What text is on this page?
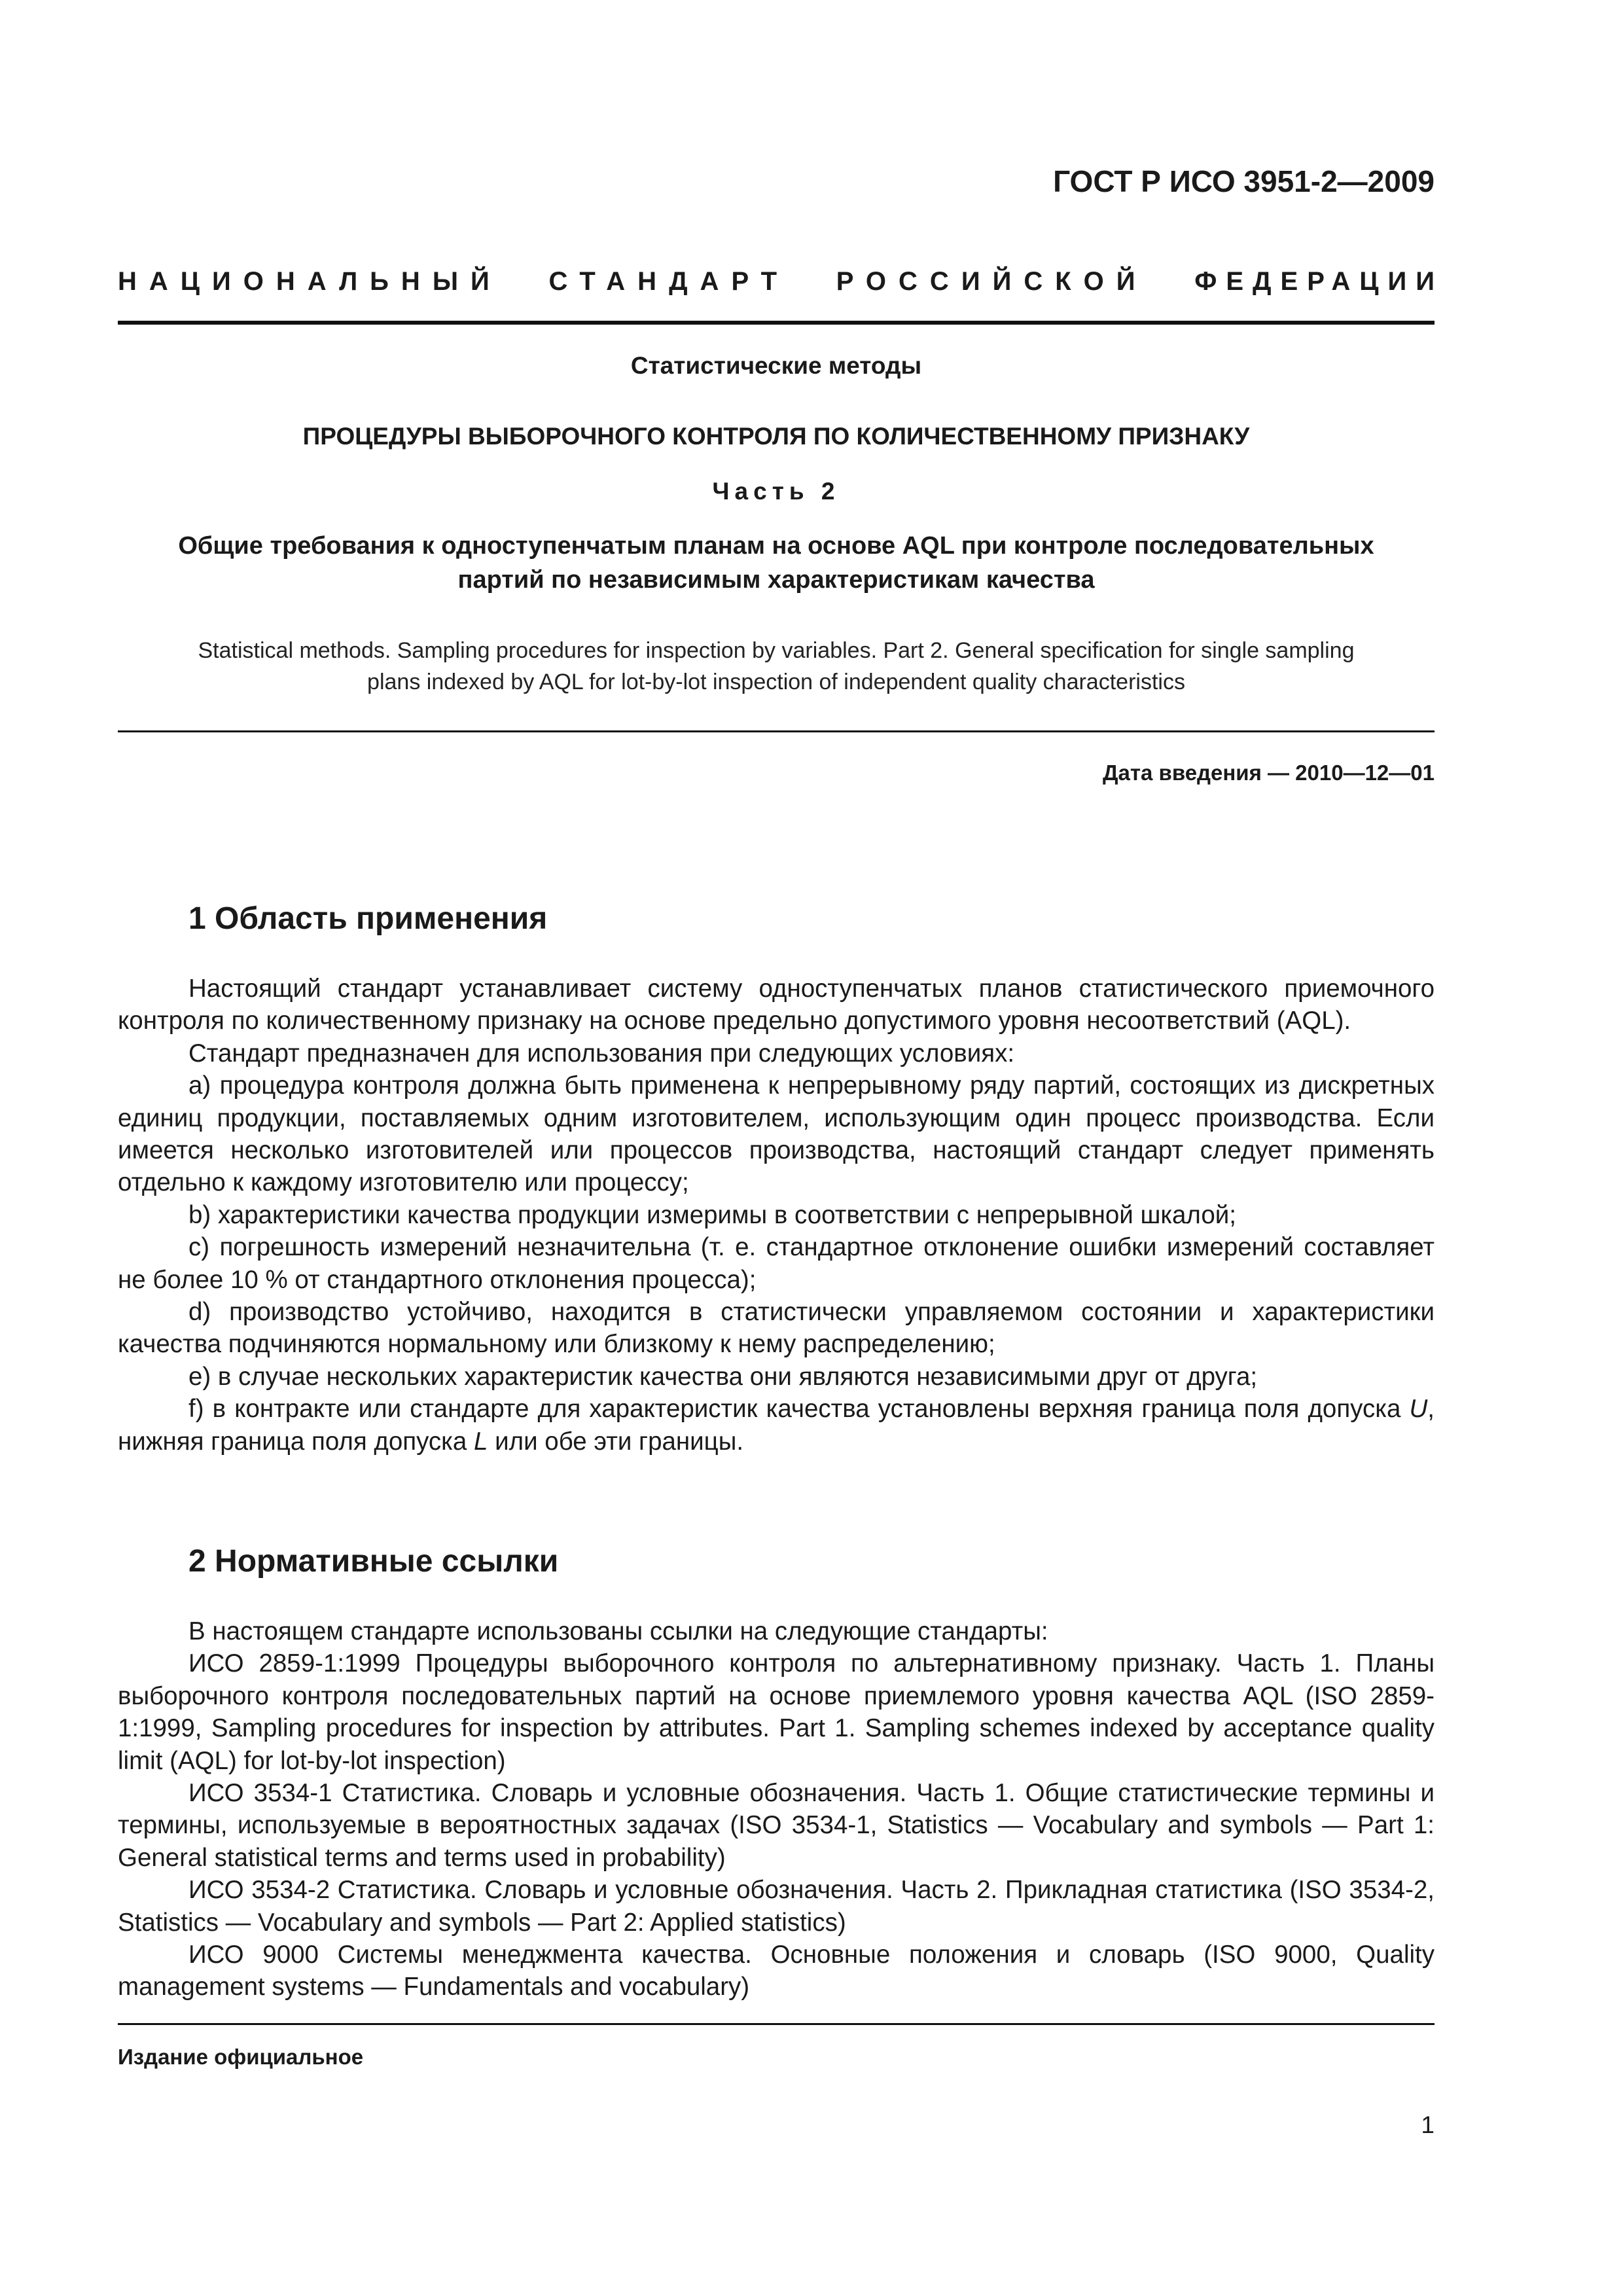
ГОСТ Р ИСО 3951-2—2009
НАЦИОНАЛЬНЫЙ СТАНДАРТ РОССИЙСКОЙ ФЕДЕРАЦИИ
Статистические методы
ПРОЦЕДУРЫ ВЫБОРОЧНОГО КОНТРОЛЯ ПО КОЛИЧЕСТВЕННОМУ ПРИЗНАКУ
Часть 2
Общие требования к одноступенчатым планам на основе AQL при контроле последовательных
партий по независимым характеристикам качества
Statistical methods. Sampling procedures for inspection by variables. Part 2. General specification for single sampling
plans indexed by AQL for lot-by-lot inspection of independent quality characteristics
Дата введения — 2010—12—01
1 Область применения

Настоящий стандарт устанавливает систему одноступенчатых планов статистического приемочного контроля по количественному признаку на основе предельно допустимого уровня несоответствий (AQL).

Стандарт предназначен для использования при следующих условиях:

a) процедура контроля должна быть применена к непрерывному ряду партий, состоящих из дискретных единиц продукции, поставляемых одним изготовителем, использующим один процесс производства. Если имеется несколько изготовителей или процессов производства, настоящий стандарт следует применять отдельно к каждому изготовителю или процессу;

b) характеристики качества продукции измеримы в соответствии с непрерывной шкалой;

c) погрешность измерений незначительна (т. е. стандартное отклонение ошибки измерений составляет не более 10 % от стандартного отклонения процесса);

d) производство устойчиво, находится в статистически управляемом состоянии и характеристики качества подчиняются нормальному или близкому к нему распределению;

e) в случае нескольких характеристик качества они являются независимыми друг от друга;

f) в контракте или стандарте для характеристик качества установлены верхняя граница поля допуска U, нижняя граница поля допуска L или обе эти границы.

2 Нормативные ссылки

В настоящем стандарте использованы ссылки на следующие стандарты:

ИСО 2859-1:1999 Процедуры выборочного контроля по альтернативному признаку. Часть 1. Планы выборочного контроля последовательных партий на основе приемлемого уровня качества AQL (ISO 2859-1:1999, Sampling procedures for inspection by attributes. Part 1. Sampling schemes indexed by acceptance quality limit (AQL) for lot-by-lot inspection)

ИСО 3534-1 Статистика. Словарь и условные обозначения. Часть 1. Общие статистические термины и термины, используемые в вероятностных задачах (ISO 3534-1, Statistics — Vocabulary and symbols — Part 1: General statistical terms and terms used in probability)

ИСО 3534-2 Статистика. Словарь и условные обозначения. Часть 2. Прикладная статистика (ISO 3534-2, Statistics — Vocabulary and symbols — Part 2: Applied statistics)

ИСО 9000 Системы менеджмента качества. Основные положения и словарь (ISO 9000, Quality management systems — Fundamentals and vocabulary)

Издание официальное
1
